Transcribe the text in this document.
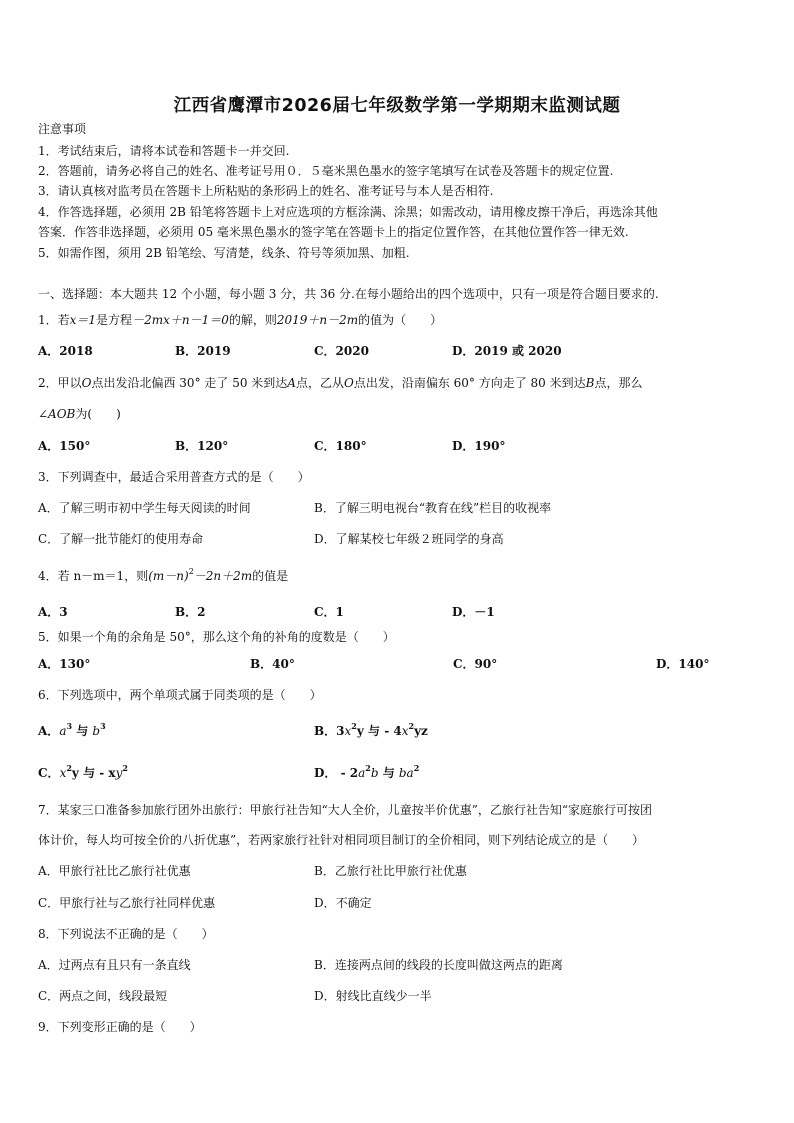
江西省鹰潭市2026届七年级数学第一学期期末监测试题
注意事项
1．考试结束后，请将本试卷和答题卡一并交回.
2．答题前，请务必将自己的姓名、准考证号用０．５毫米黑色墨水的签字笔填写在试卷及答题卡的规定位置.
3．请认真核对监考员在答题卡上所粘贴的条形码上的姓名、准考证号与本人是否相符.
4．作答选择题，必须用 2B 铅笔将答题卡上对应选项的方框涂满、涂黑；如需改动，请用橡皮擦干净后，再选涂其他
答案．作答非选择题，必须用 05 毫米黑色墨水的签字笔在答题卡上的指定位置作答，在其他位置作答一律无效.
5．如需作图，须用 2B 铅笔绘、写清楚，线条、符号等须加黑、加粗.
一、选择题：本大题共 12 个小题，每小题 3 分，共 36 分.在每小题给出的四个选项中，只有一项是符合题目要求的.
1．若x＝1是方程－2mx＋n－1＝0的解，则2019＋n－2m的值为（　　）
A．2018	B．2019	C．2020	D．2019 或 2020
2．甲以O点出发沿北偏西 30° 走了 50 米到达A点，乙从O点出发，沿南偏东 60° 方向走了 80 米到达B点，那么
∠AOB为(　　)
A．150°	B．120°	C．180°	D．190°
3．下列调查中，最适合采用普查方式的是（　　）
A．了解三明市初中学生每天阅读的时间	B．了解三明电视台“教育在线”栏目的收视率
C．了解一批节能灯的使用寿命	D．了解某校七年级２班同学的身高
4．若 n－m＝1，则$(m-n)^2-2n+2m$的值是
A．3	B．2	C．1	D．－1
5．如果一个角的余角是 50°，那么这个角的补角的度数是（　　）
A．130°	B．40°	C．90°	D．140°
6．下列选项中，两个单项式属于同类项的是（　　）
A．$a^3$ 与 $b^3$	B．$3x^2y$ 与 - $4x^2yz$
C．$x^2y$ 与 - $xy^2$	D． - $2a^2b$ 与 $ba^2$
7．某家三口准备参加旅行团外出旅行：甲旅行社告知“大人全价，儿童按半价优惠”，乙旅行社告知“家庭旅行可按团
体计价，每人均可按全价的八折优惠”，若两家旅行社针对相同项目制订的全价相同，则下列结论成立的是（　　）
A．甲旅行社比乙旅行社优惠	B．乙旅行社比甲旅行社优惠
C．甲旅行社与乙旅行社同样优惠	D．不确定
8．下列说法不正确的是（　　）
A．过两点有且只有一条直线	B．连接两点间的线段的长度叫做这两点的距离
C．两点之间，线段最短	D．射线比直线少一半
9．下列变形正确的是（　　）
